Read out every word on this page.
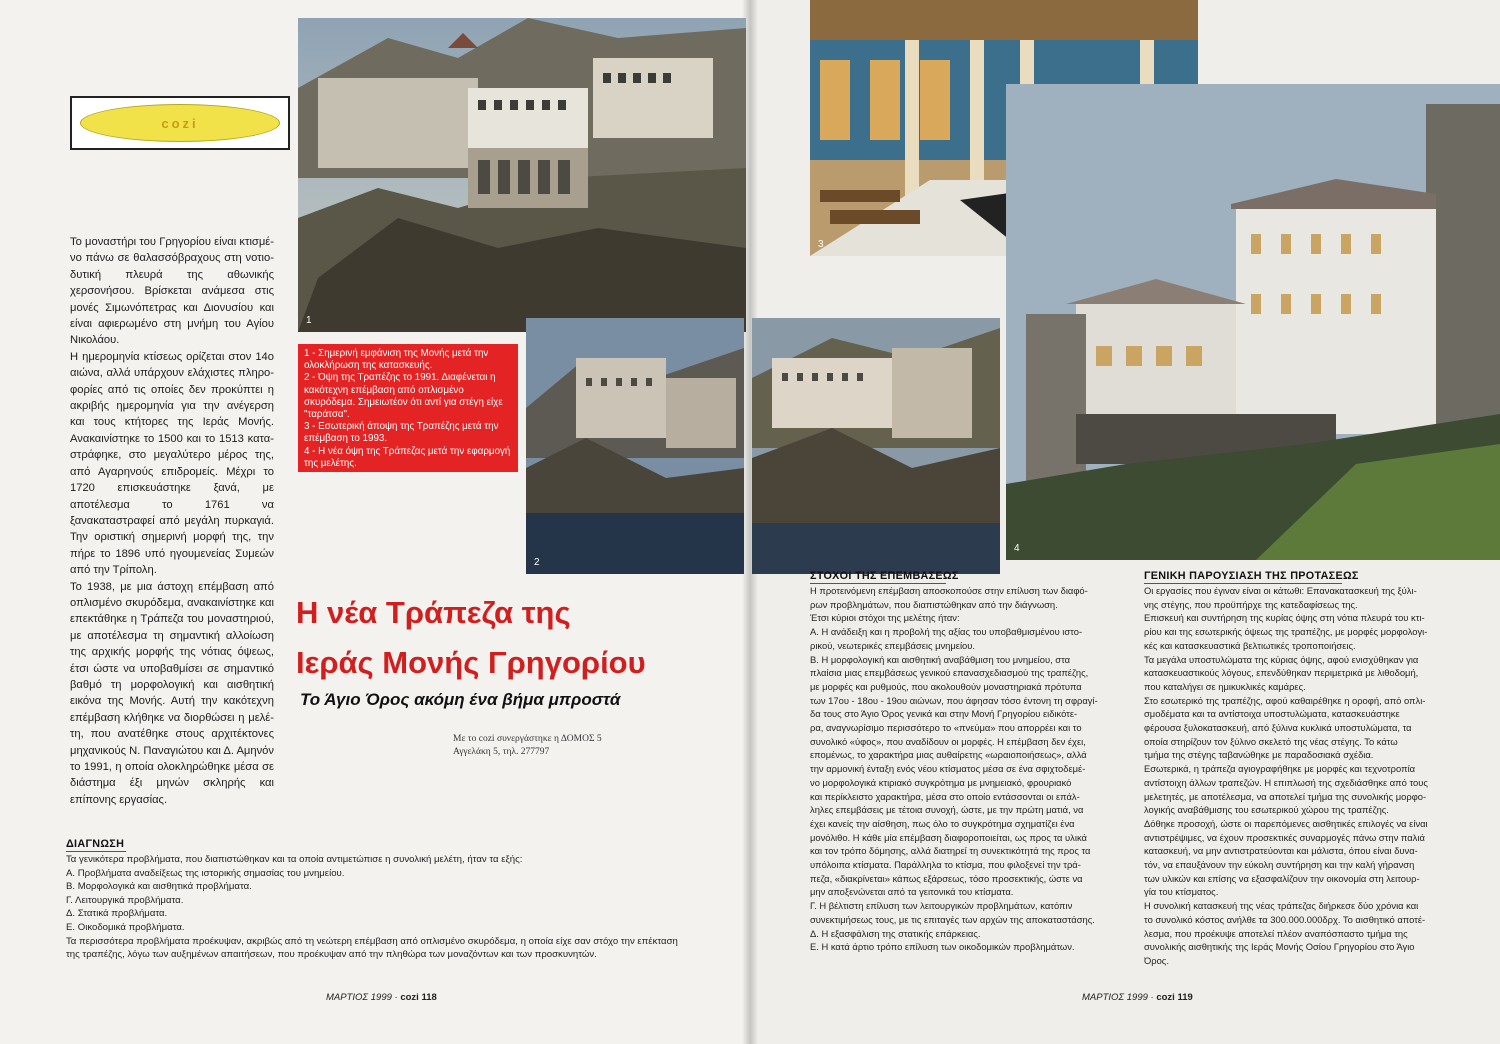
cozi
1
2
3
4
1 - Σημερινή εμφάνιση της Μονής μετά την ολοκλήρωση της κατασκευής.
2 - Όψη της Τραπέζης το 1991. Διαφένεται η κακότεχνη επέμβαση από οπλισμένο σκυρόδεμα. Σημειωτέον ότι αντί για στέγη είχε "ταράτσα".
3 - Εσωτερική άποψη της Τραπέζης μετά την επέμβαση το 1993.
4 - Η νέα όψη της Τράπεζας μετά την εφαρμογή της μελέτης.

Το μοναστήρι του Γρηγορίου είναι κτισμέ-νο πάνω σε θαλασσόβραχους στη νοτιο-δυτική πλευρά της αθωνικής χερσονήσου. Βρίσκεται ανάμεσα στις μονές Σιμωνόπετρας και Διονυσίου και είναι αφιερωμένο στη μνήμη του Αγίου Νικολάου.

Η ημερομηνία κτίσεως ορίζεται στον 14ο αιώνα, αλλά υπάρχουν ελάχιστες πληρο-φορίες από τις οποίες δεν προκύπτει η ακριβής ημερομηνία για την ανέγερση και τους κτήτορες της Ιεράς Μονής. Ανακαινίστηκε το 1500 και το 1513 κατα-στράφηκε, στο μεγαλύτερο μέρος της, από Αγαρηνούς επιδρομείς. Μέχρι το 1720 επισκευάστηκε ξανά, με αποτέλεσμα το 1761 να ξανακαταστραφεί από μεγάλη πυρκαγιά. Την οριστική σημερινή μορφή της, την πήρε το 1896 υπό ηγουμενείας Συμεών από την Τρίπολη.

Το 1938, με μια άστοχη επέμβαση από οπλισμένο σκυρόδεμα, ανακαινίστηκε και επεκτάθηκε η Τράπεζα του μοναστηριού, με αποτέλεσμα τη σημαντική αλλοίωση της αρχικής μορφής της νότιας όψεως, έτσι ώστε να υποβαθμίσει σε σημαντικό βαθμό τη μορφολογική και αισθητική εικόνα της Μονής. Αυτή την κακότεχνη επέμβαση κλήθηκε να διορθώσει η μελέ-τη, που ανατέθηκε στους αρχιτέκτονες μηχανικούς Ν. Παναγιώτου και Δ. Αμηνόν το 1991, η οποία ολοκληρώθηκε μέσα σε διάστημα έξι μηνών σκληρής και επίπονης εργασίας.

Η νέα Τράπεζα της
Ιεράς Μονής Γρηγορίου
Το Άγιο Όρος ακόμη ένα βήμα μπροστά
Με το cozi συνεργάστηκε η ΔΟΜΟΣ 5
Αγγελάκη 5, τηλ. 277797
ΔΙΑΓΝΩΣΗ
Τα γενικότερα προβλήματα, που διαπιστώθηκαν και τα οποία αντιμετώπισε η συνολική μελέτη, ήταν τα εξής:
Α. Προβλήματα αναδείξεως της ιστορικής σημασίας του μνημείου.
Β. Μορφολογικά και αισθητικά προβλήματα.
Γ. Λειτουργικά προβλήματα.
Δ. Στατικά προβλήματα.
Ε. Οικοδομικά προβλήματα.
Τα περισσότερα προβλήματα προέκυψαν, ακριβώς από τη νεώτερη επέμβαση από οπλισμένο σκυρόδεμα, η οποία είχε σαν στόχο την επέκταση
της τραπέζης, λόγω των αυξημένων απαιτήσεων, που προέκυψαν από την πληθώρα των μοναζόντων και των προσκυνητών.
ΣΤΟΧΟΙ ΤΗΣ ΕΠΕΜΒΑΣΕΩΣ
Η προτεινόμενη επέμβαση αποσκοπούσε στην επίλυση των διαφό-
ρων προβλημάτων, που διαπιστώθηκαν από την διάγνωση.
Έτσι κύριοι στόχοι της μελέτης ήταν:
Α. Η ανάδειξη και η προβολή της αξίας του υποβαθμισμένου ιστο-
ρικού, νεωτερικές επεμβάσεις μνημείου.
Β. Η μορφολογική και αισθητική αναβάθμιση του μνημείου, στα
πλαίσια μιας επεμβάσεως γενικού επανασχεδιασμού της τραπέζης,
με μορφές και ρυθμούς, που ακολουθούν μοναστηριακά πρότυπα
των 17ου - 18ου - 19ου αιώνων, που άφησαν τόσο έντονη τη σφραγί-
δα τους στο Άγιο Όρος γενικά και στην Μονή Γρηγορίου ειδικότε-
ρα, αναγνωρίσιμο περισσότερο το «πνεύμα» που απορρέει και το
συνολικό «ύφος», που αναδίδουν οι μορφές. Η επέμβαση δεν έχει,
επομένως, το χαρακτήρα μιας αυθαίρετης «ωραιοποιήσεως», αλλά
την αρμονική ένταξη ενός νέου κτίσματος μέσα σε ένα σφιχτοδεμέ-
νο μορφολογικά κτιριακό συγκρότημα με μνημειακό, φρουριακό
και περίκλειστο χαρακτήρα, μέσα στο οποίο εντάσσονται οι επάλ-
ληλες επεμβάσεις με τέτοια συνοχή, ώστε, με την πρώτη ματιά, να
έχει κανείς την αίσθηση, πως όλο το συγκρότημα σχηματίζει ένα
μονόλιθο. Η κάθε μία επέμβαση διαφοροποιείται, ως προς τα υλικά
και τον τρόπο δόμησης, αλλά διατηρεί τη συνεκτικότητά της προς τα
υπόλοιπα κτίσματα. Παράλληλα το κτίσμα, που φιλοξενεί την τρά-
πεζα, «διακρίνεται» κάπως εξάρσεως, τόσο προσεκτικής, ώστε να
μην αποξενώνεται από τα γειτονικά του κτίσματα.
Γ. Η βέλτιστη επίλυση των λειτουργικών προβλημάτων, κατόπιν
συνεκτιμήσεως τους, με τις επιταγές των αρχών της αποκαταστάσης.
Δ. Η εξασφάλιση της στατικής επάρκειας.
Ε. Η κατά άρτιο τρόπο επίλυση των οικοδομικών προβλημάτων.
ΓΕΝΙΚΗ ΠΑΡΟΥΣΙΑΣΗ ΤΗΣ ΠΡΟΤΑΣΕΩΣ
Οι εργασίες που έγιναν είναι οι κάτωθι: Επανακατασκευή της ξύλι-
νης στέγης, που προϋπήρχε της κατεδαφίσεως της.
Επισκευή και συντήρηση της κυρίας όψης στη νότια πλευρά του κτι-
ρίου και της εσωτερικής όψεως της τραπέζης, με μορφές μορφολογι-
κές και κατασκευαστικά βελτιωτικές τροποποιήσεις.
Τα μεγάλα υποστυλώματα της κύριας όψης, αφού ενισχύθηκαν για
κατασκευαστικούς λόγους, επενδύθηκαν περιμετρικά με λιθοδομή,
που καταλήγει σε ημικυκλικές καμάρες.
Στο εσωτερικό της τραπέζης, αφού καθαιρέθηκε η οροφή, από οπλι-
σμοδέματα και τα αντίστοιχα υποστυλώματα, κατασκευάστηκε
φέρουσα ξυλοκατασκευή, από ξύλινα κυκλικά υποστυλώματα, τα
οποία στηρίζουν τον ξύλινο σκελετό της νέας στέγης. Το κάτω
τμήμα της στέγης ταβανώθηκε με παραδοσιακά σχέδια.
Εσωτερικά, η τράπεζα αγιογραφήθηκε με μορφές και τεχνοτροπία
αντίστοιχη άλλων τραπεζών. Η επιπλωσή της σχεδιάσθηκε από τους
μελετητές, με αποτέλεσμα, να αποτελεί τμήμα της συνολικής μορφο-
λογικής αναβάθμισης του εσωτερικού χώρου της τραπέζης.
Δόθηκε προσοχή, ώστε οι παρεπόμενες αισθητικές επιλογές να είναι
αντιστρέψιμες, να έχουν προσεκτικές συναρμογές πάνω στην παλιά
κατασκευή, να μην αντιστρατεύονται και μάλιστα, όπου είναι δυνα-
τόν, να επαυξάνουν την εύκολη συντήρηση και την καλή γήρανση
των υλικών και επίσης να εξασφαλίζουν την οικονομία στη λειτουρ-
γία του κτίσματος.
Η συνολική κατασκευή της νέας τράπεζας διήρκεσε δύο χρόνια και
το συνολικό κόστος ανήλθε τα 300.000.000δρχ. Το αισθητικό αποτέ-
λεσμα, που προέκυψε αποτελεί πλέον αναπόσπαστο τμήμα της
συνολικής αισθητικής της Ιεράς Μονής Οσίου Γρηγορίου στο Άγιο
Όρος.
ΜΑΡΤΙΟΣ 1999 · cozi 118	ΜΑΡΤΙΟΣ 1999 · cozi 119
